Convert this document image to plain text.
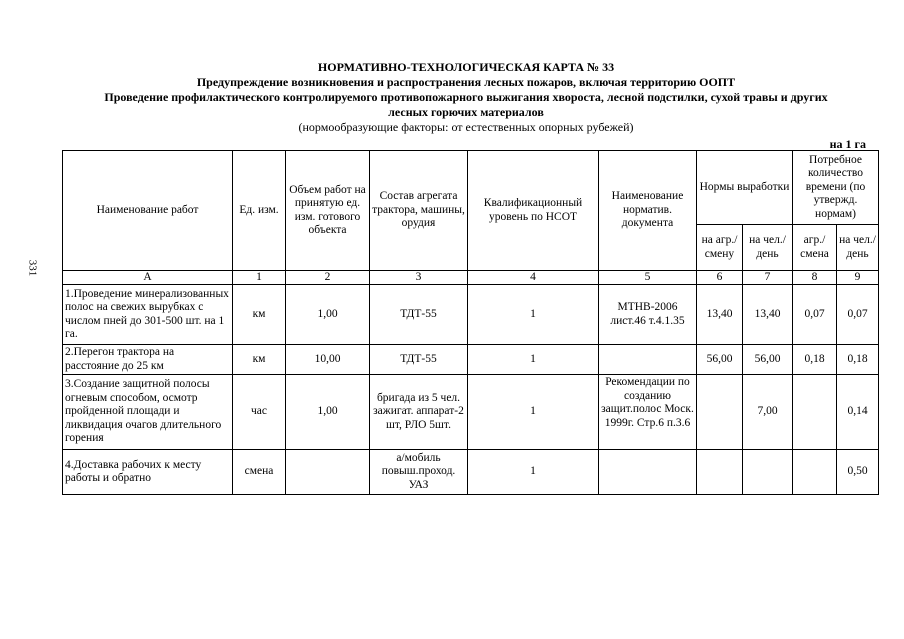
331
НОРМАТИВНО-ТЕХНОЛОГИЧЕСКАЯ КАРТА № 33
Предупреждение возникновения и распространения лесных пожаров, включая территорию ООПТ
Проведение профилактического контролируемого противопожарного выжигания хвороста, лесной подстилки, сухой травы и других
лесных горючих материалов
(нормообразующие факторы: от естественных опорных рубежей)
на 1 га
Наименование работ	Ед. изм.	Объем работ на принятую ед. изм. готового объекта	Состав агрегата трактора, машины, орудия	Квалификационный уровень по НСОТ	Наименование норматив. документа	Нормы выработки		Потребное количество времени (по утвержд. нормам)	
						на агр./ смену	на чел./ день	агр./ смена	на чел./ день
А	1	2	3	4	5	6	7	8	9
1.Проведение минерализованных полос на свежих вырубках с числом пней до 301-500 шт. на 1 га.	км	1,00	ТДТ-55	1	МТНВ-2006 лист.46 т.4.1.35	13,40	13,40	0,07	0,07
2.Перегон трактора на расстояние до 25 км	км	10,00	ТДТ-55	1		56,00	56,00	0,18	0,18
3.Создание защитной полосы огневым способом, осмотр пройденной площади и ликвидация очагов длительного горения	час	1,00	бригада из 5 чел. зажигат. аппарат-2 шт, РЛО 5шт.	1	Рекомендации по созданию защит.полос Моск. 1999г. Стр.6 п.3.6		7,00		0,14
4.Доставка рабочих к месту работы и обратно	смена		а/мобиль повыш.проход. УАЗ	1					0,50
